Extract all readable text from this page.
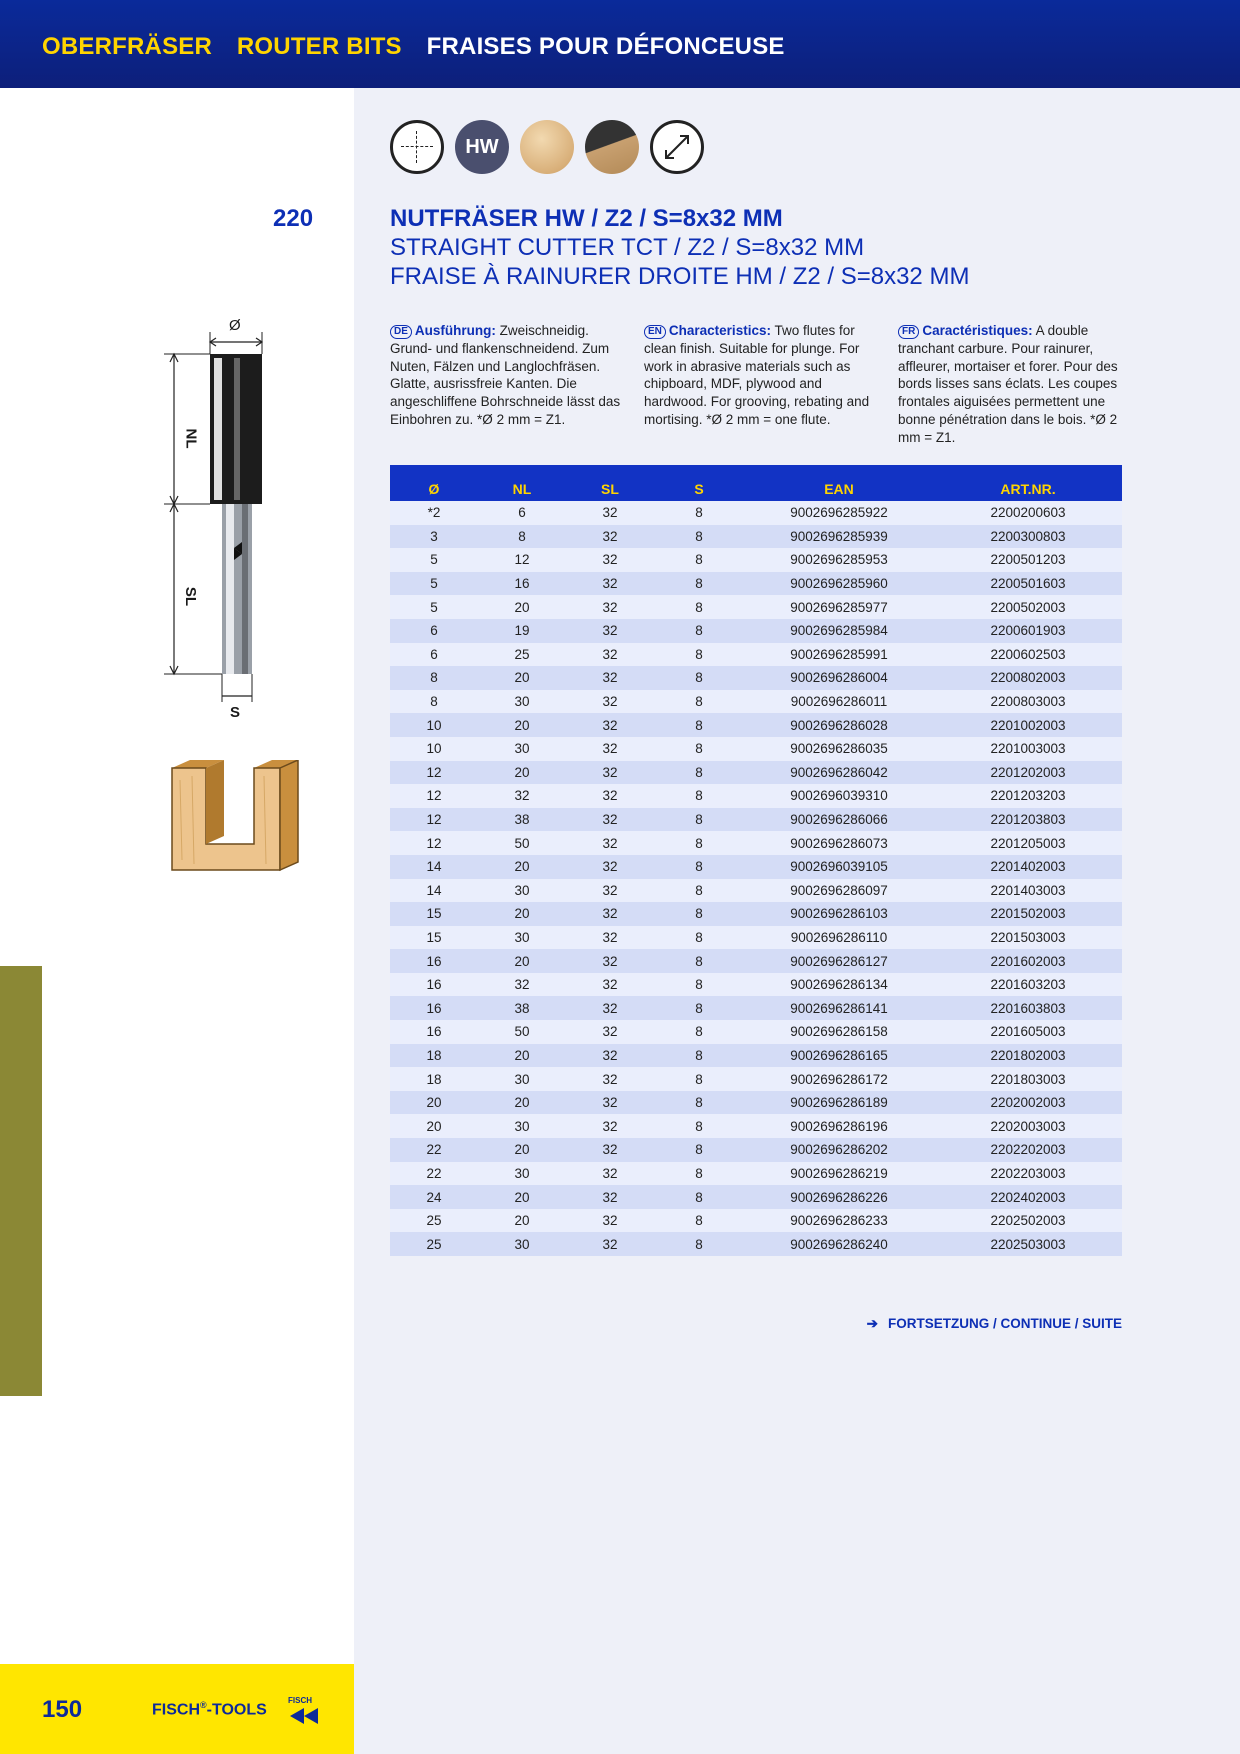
OBERFRÄSER ROUTER BITS FRAISES POUR DÉFONCEUSE
HW
220	NUTFRÄSER HW / Z2 / S=8x32 MM
STRAIGHT CUTTER TCT / Z2 / S=8x32 MM
FRAISE À RAINURER DROITE HM / Z2 / S=8x32 MM
Ø
NL
SL
S
DE Ausführung: Zweischneidig. Grund- und flankenschneidend. Zum Nuten, Fälzen und Langlochfräsen. Glatte, ausrissfreie Kanten. Die angeschliffene Bohrschneide lässt das Einbohren zu. *Ø 2 mm = Z1.
EN Characteristics: Two flutes for clean finish. Suitable for plunge. For work in abrasive materials such as chipboard, MDF, plywood and hardwood. For grooving, rebating and mortising. *Ø 2 mm = one flute.
FR Caractéristiques: A double tranchant carbure. Pour rainurer, affleurer, mortaiser et forer. Pour des bords lisses sans éclats. Les coupes frontales aiguisées permettent une bonne pénétration dans le bois. *Ø 2 mm = Z1.
Ø	NL	SL	S	EAN	ART.NR.
*2	6	32	8	9002696285922	2200200603
3	8	32	8	9002696285939	2200300803
5	12	32	8	9002696285953	2200501203
5	16	32	8	9002696285960	2200501603
5	20	32	8	9002696285977	2200502003
6	19	32	8	9002696285984	2200601903
6	25	32	8	9002696285991	2200602503
8	20	32	8	9002696286004	2200802003
8	30	32	8	9002696286011	2200803003
10	20	32	8	9002696286028	2201002003
10	30	32	8	9002696286035	2201003003
12	20	32	8	9002696286042	2201202003
12	32	32	8	9002696039310	2201203203
12	38	32	8	9002696286066	2201203803
12	50	32	8	9002696286073	2201205003
14	20	32	8	9002696039105	2201402003
14	30	32	8	9002696286097	2201403003
15	20	32	8	9002696286103	2201502003
15	30	32	8	9002696286110	2201503003
16	20	32	8	9002696286127	2201602003
16	32	32	8	9002696286134	2201603203
16	38	32	8	9002696286141	2201603803
16	50	32	8	9002696286158	2201605003
18	20	32	8	9002696286165	2201802003
18	30	32	8	9002696286172	2201803003
20	20	32	8	9002696286189	2202002003
20	30	32	8	9002696286196	2202003003
22	20	32	8	9002696286202	2202202003
22	30	32	8	9002696286219	2202203003
24	20	32	8	9002696286226	2202402003
25	20	32	8	9002696286233	2202502003
25	30	32	8	9002696286240	2202503003
➔ FORTSETZUNG / CONTINUE / SUITE
150	FISCH®-TOOLS
FISCH
